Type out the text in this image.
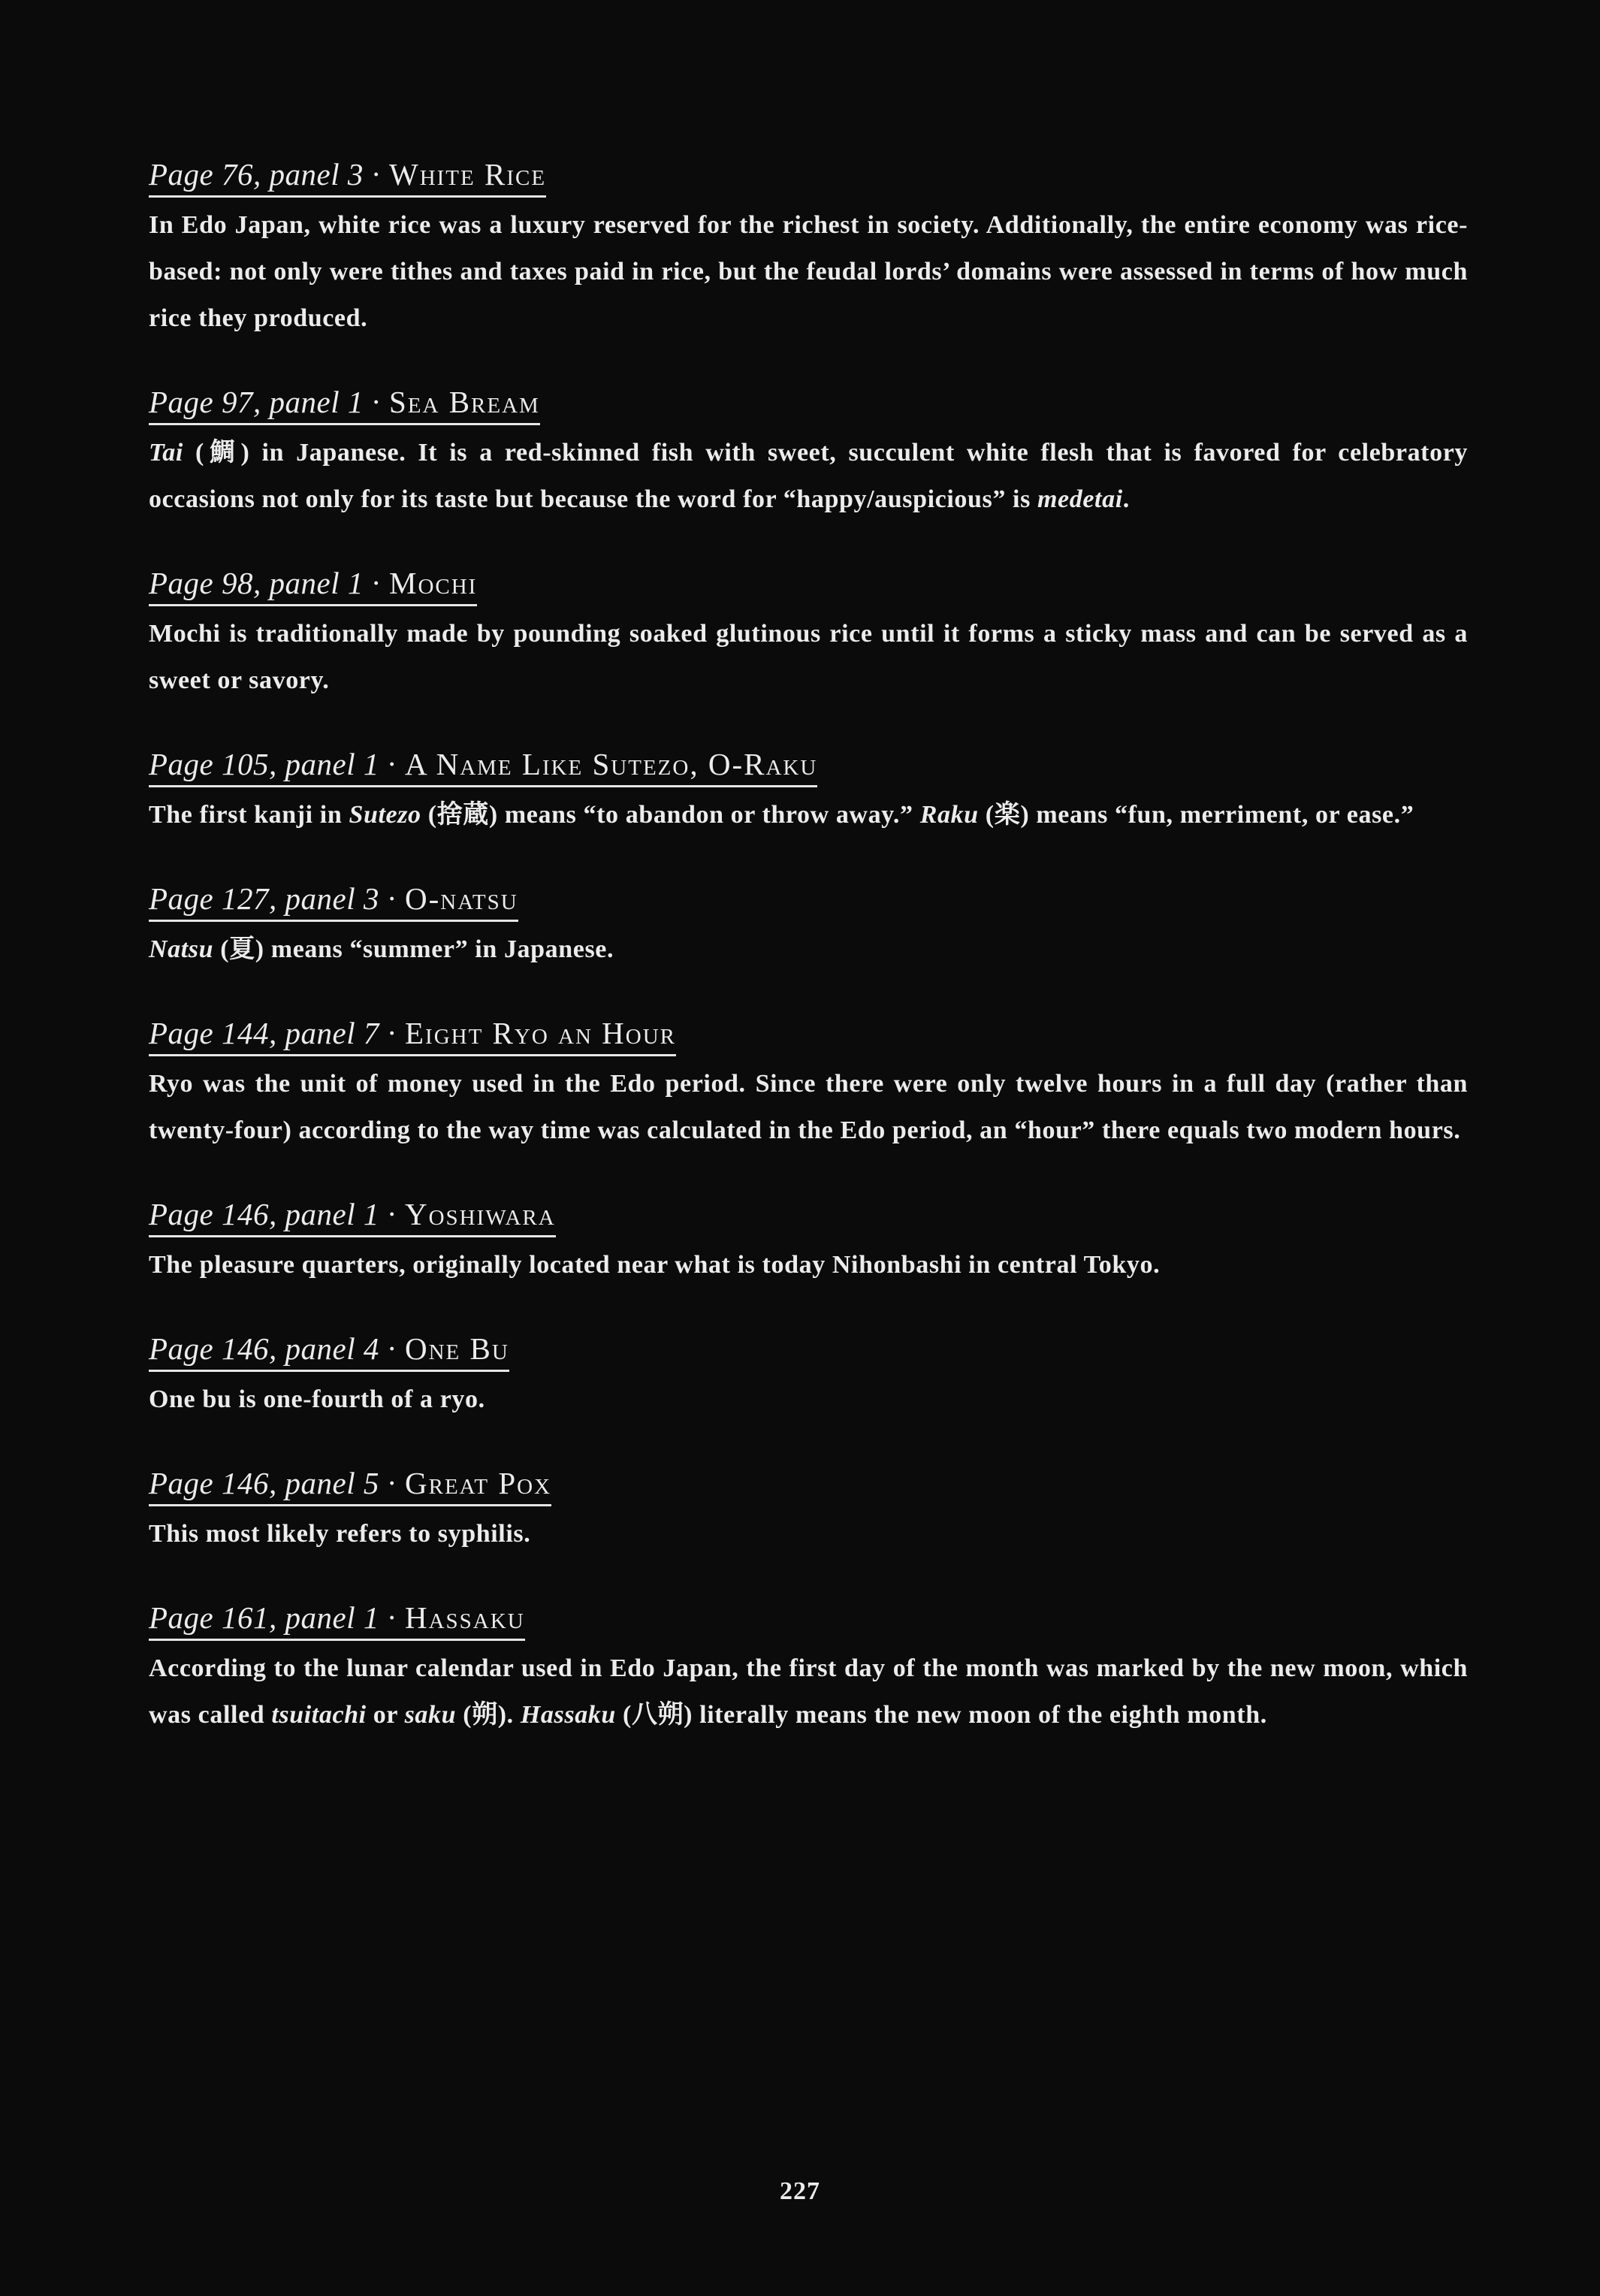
Page 76, panel 3 · White Rice
In Edo Japan, white rice was a luxury reserved for the richest in society. Additionally, the entire economy was rice-based: not only were tithes and taxes paid in rice, but the feudal lords’ domains were assessed in terms of how much rice they produced.
Page 97, panel 1 · Sea Bream
Tai (鯛) in Japanese. It is a red-skinned fish with sweet, succulent white flesh that is favored for celebratory occasions not only for its taste but because the word for “happy/auspicious” is medetai.
Page 98, panel 1 · Mochi
Mochi is traditionally made by pounding soaked glutinous rice until it forms a sticky mass and can be served as a sweet or savory.
Page 105, panel 1 · A Name Like Sutezo, O-Raku
The first kanji in Sutezo (捨蔵) means “to abandon or throw away.” Raku (楽) means “fun, merriment, or ease.”
Page 127, panel 3 · O-natsu
Natsu (夏) means “summer” in Japanese.
Page 144, panel 7 · Eight Ryo an Hour
Ryo was the unit of money used in the Edo period. Since there were only twelve hours in a full day (rather than twenty-four) according to the way time was calculated in the Edo period, an “hour” there equals two modern hours.
Page 146, panel 1 · Yoshiwara
The pleasure quarters, originally located near what is today Nihonbashi in central Tokyo.
Page 146, panel 4 · One Bu
One bu is one-fourth of a ryo.
Page 146, panel 5 · Great Pox
This most likely refers to syphilis.
Page 161, panel 1 · Hassaku
According to the lunar calendar used in Edo Japan, the first day of the month was marked by the new moon, which was called tsuitachi or saku (朔). Hassaku (八朔) literally means the new moon of the eighth month.
227
